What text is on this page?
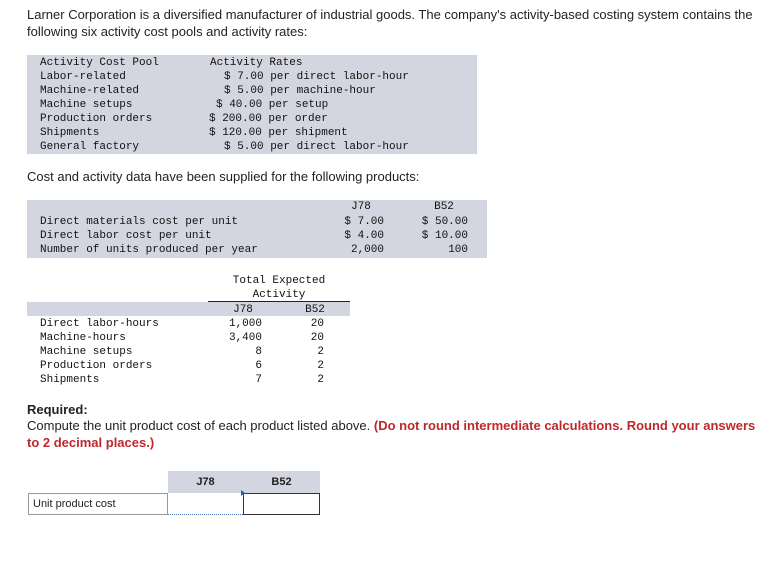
Larner Corporation is a diversified manufacturer of industrial goods. The company's activity-based costing system contains the following six activity cost pools and activity rates:
Activity Cost Pool	Activity Rates
Labor-related	$ 7.00 per direct labor-hour
Machine-related	$ 5.00 per machine-hour
Machine setups	$ 40.00 per setup
Production orders	$ 200.00 per order
Shipments	$ 120.00 per shipment
General factory	$ 5.00 per direct labor-hour
Cost and activity data have been supplied for the following products:
J78	B52
Direct materials cost per unit	$ 7.00	$ 50.00
Direct labor cost per unit	$ 4.00	$ 10.00
Number of units produced per year	2,000	100
Total Expected
Activity
J78	B52
Direct labor-hours	1,000	20
Machine-hours	3,400	20
Machine setups	8	2
Production orders	6	2
Shipments	7	2
Required:
Compute the unit product cost of each product listed above. (Do not round intermediate calculations. Round your answers to 2 decimal places.)
J78	B52
Unit product cost
